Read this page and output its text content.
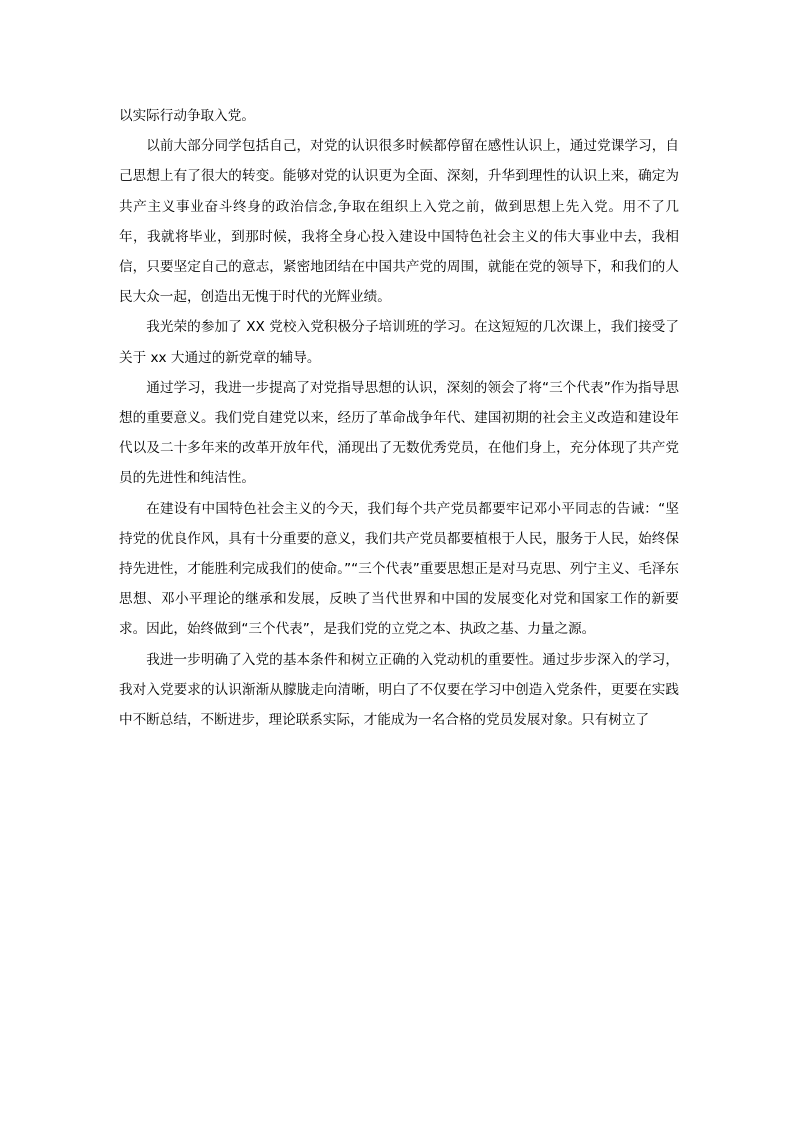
以实际行动争取入党。

以前大部分同学包括自己，对党的认识很多时候都停留在感性认识上，通过党课学习，自己思想上有了很大的转变。能够对党的认识更为全面、深刻，升华到理性的认识上来，确定为共产主义事业奋斗终身的政治信念,争取在组织上入党之前，做到思想上先入党。用不了几年，我就将毕业，到那时候，我将全身心投入建设中国特色社会主义的伟大事业中去，我相信，只要坚定自己的意志，紧密地团结在中国共产党的周围，就能在党的领导下，和我们的人民大众一起，创造出无愧于时代的光辉业绩。

我光荣的参加了 XX 党校入党积极分子培训班的学习。在这短短的几次课上，我们接受了关于 xx 大通过的新党章的辅导。

通过学习，我进一步提高了对党指导思想的认识，深刻的领会了将“三个代表”作为指导思想的重要意义。我们党自建党以来，经历了革命战争年代、建国初期的社会主义改造和建设年代以及二十多年来的改革开放年代，涌现出了无数优秀党员，在他们身上，充分体现了共产党员的先进性和纯洁性。

在建设有中国特色社会主义的今天，我们每个共产党员都要牢记邓小平同志的告诫：“坚持党的优良作风，具有十分重要的意义，我们共产党员都要植根于人民，服务于人民，始终保持先进性，才能胜利完成我们的使命。”“三个代表”重要思想正是对马克思、列宁主义、毛泽东思想、邓小平理论的继承和发展，反映了当代世界和中国的发展变化对党和国家工作的新要求。因此，始终做到“三个代表”，是我们党的立党之本、执政之基、力量之源。

我进一步明确了入党的基本条件和树立正确的入党动机的重要性。通过步步深入的学习，我对入党要求的认识渐渐从朦胧走向清晰，明白了不仅要在学习中创造入党条件，更要在实践中不断总结，不断进步，理论联系实际，才能成为一名合格的党员发展对象。只有树立了
